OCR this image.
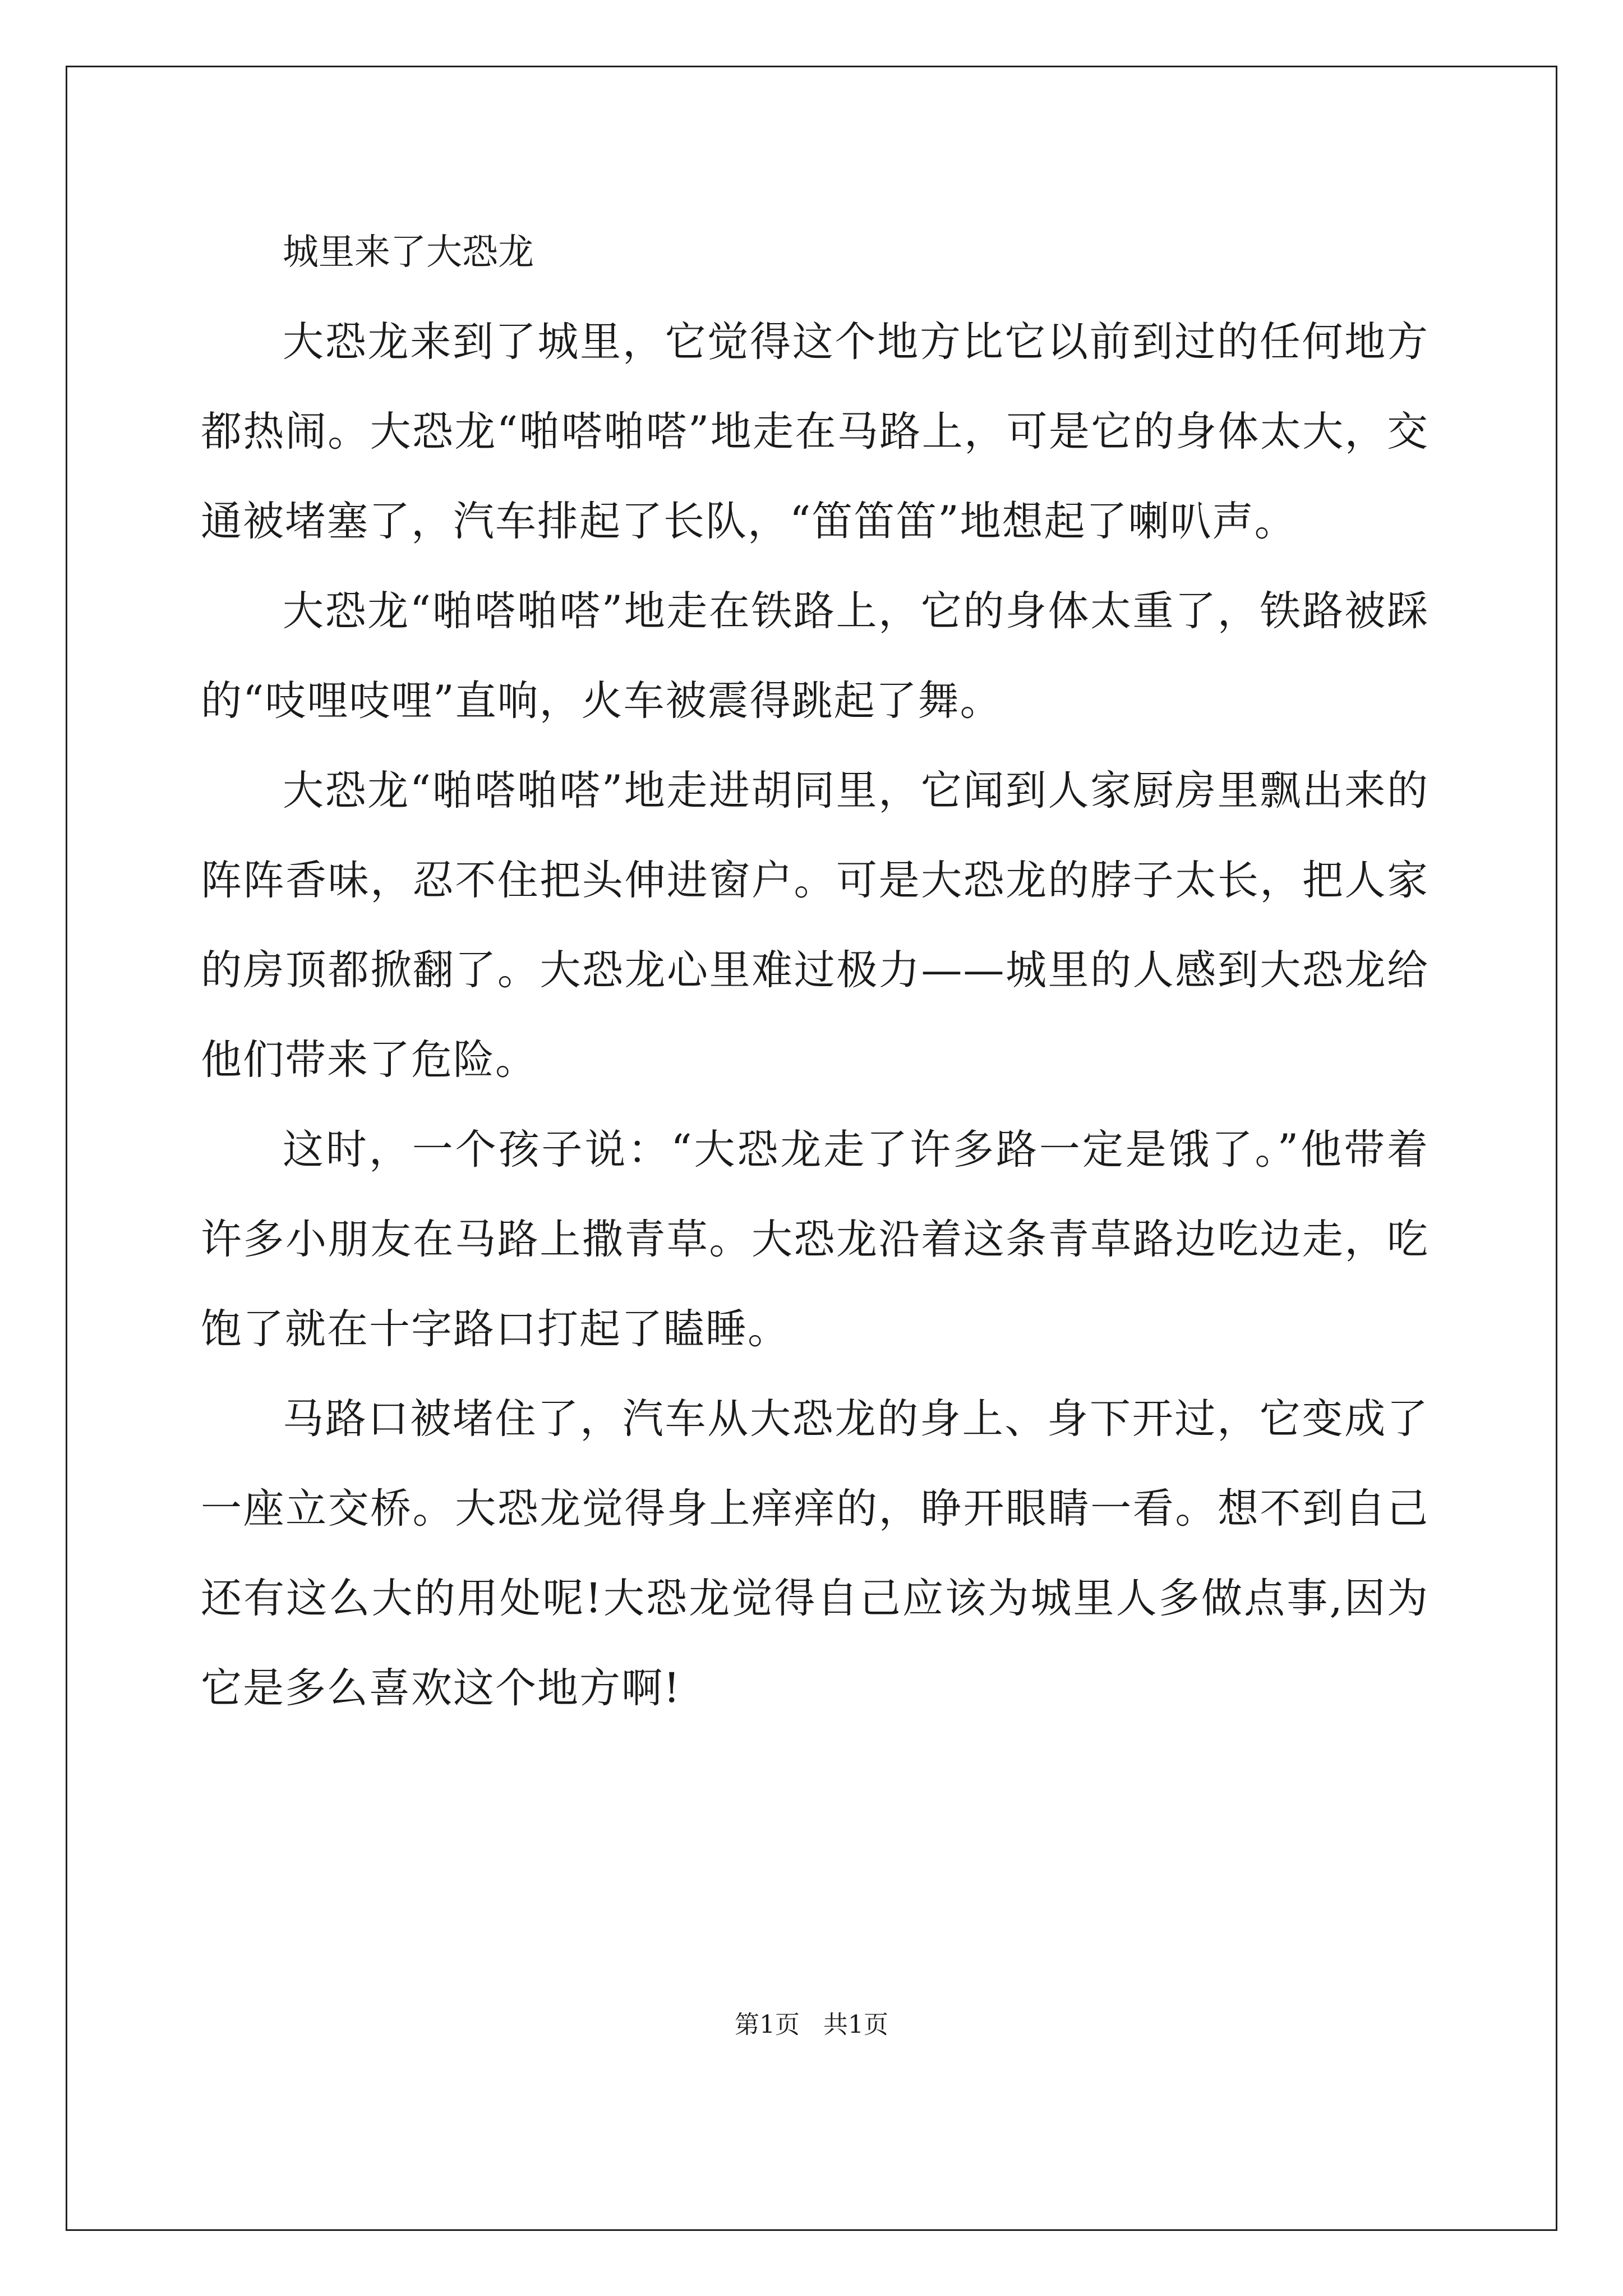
城里来了大恐龙

大恐龙来到了城里，它觉得这个地方比它以前到过的任何地方都热闹。大恐龙“啪嗒啪嗒”地走在马路上，可是它的身体太大，交通被堵塞了，汽车排起了长队，“笛笛笛”地想起了喇叭声。

大恐龙“啪嗒啪嗒”地走在铁路上，它的身体太重了，铁路被踩的“吱哩吱哩”直响，火车被震得跳起了舞。

大恐龙“啪嗒啪嗒”地走进胡同里，它闻到人家厨房里飘出来的阵阵香味，忍不住把头伸进窗户。可是大恐龙的脖子太长，把人家的房顶都掀翻了。大恐龙心里难过极力——城里的人感到大恐龙给他们带来了危险。

这时，一个孩子说：“大恐龙走了许多路一定是饿了。”他带着许多小朋友在马路上撒青草。大恐龙沿着这条青草路边吃边走，吃饱了就在十字路口打起了瞌睡。

马路口被堵住了，汽车从大恐龙的身上、身下开过，它变成了一座立交桥。大恐龙觉得身上痒痒的，睁开眼睛一看。想不到自己还有这么大的用处呢!大恐龙觉得自己应该为城里人多做点事,因为它是多么喜欢这个地方啊!

第1页   共1页
